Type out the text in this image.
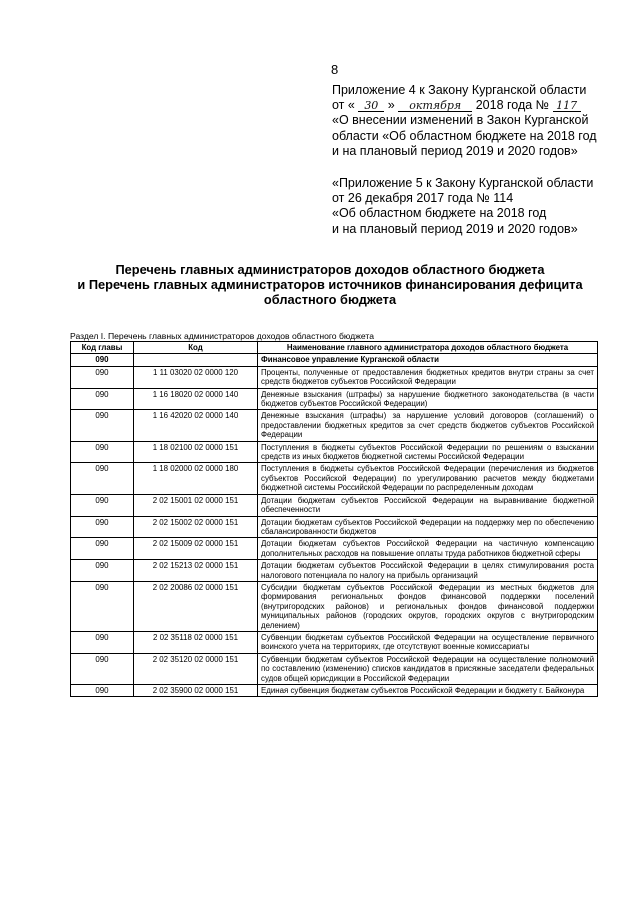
8
Приложение 4 к Закону Курганской области
от « 30 » октября 2018 года № 117
«О внесении изменений в Закон Курганской
области «Об областном бюджете на 2018 год
и на плановый период 2019 и 2020 годов»
«Приложение 5 к Закону Курганской области
от 26 декабря 2017 года № 114
«Об областном бюджете на 2018 год
и на плановый период 2019 и 2020 годов»
Перечень главных администраторов доходов областного бюджета
и Перечень главных администраторов источников финансирования дефицита
областного бюджета
Раздел I. Перечень главных администраторов доходов областного бюджета
Код главы	Код	Наименование главного администратора доходов областного бюджета
090		Финансовое управление Курганской области
090	1 11 03020 02 0000 120	Проценты, полученные от предоставления бюджетных кредитов внутри страны за счет средств бюджетов субъектов Российской Федерации
090	1 16 18020 02 0000 140	Денежные взыскания (штрафы) за нарушение бюджетного законодательства (в части бюджетов субъектов Российской Федерации)
090	1 16 42020 02 0000 140	Денежные взыскания (штрафы) за нарушение условий договоров (соглашений) о предоставлении бюджетных кредитов за счет средств бюджетов субъектов Российской Федерации
090	1 18 02100 02 0000 151	Поступления в бюджеты субъектов Российской Федерации по решениям о взыскании средств из иных бюджетов бюджетной системы Российской Федерации
090	1 18 02000 02 0000 180	Поступления в бюджеты субъектов Российской Федерации (перечисления из бюджетов субъектов Российской Федерации) по урегулированию расчетов между бюджетами бюджетной системы Российской Федерации по распределенным доходам
090	2 02 15001 02 0000 151	Дотации бюджетам субъектов Российской Федерации на выравнивание бюджетной обеспеченности
090	2 02 15002 02 0000 151	Дотации бюджетам субъектов Российской Федерации на поддержку мер по обеспечению сбалансированности бюджетов
090	2 02 15009 02 0000 151	Дотации бюджетам субъектов Российской Федерации на частичную компенсацию дополнительных расходов на повышение оплаты труда работников бюджетной сферы
090	2 02 15213 02 0000 151	Дотации бюджетам субъектов Российской Федерации в целях стимулирования роста налогового потенциала по налогу на прибыль организаций
090	2 02 20086 02 0000 151	Субсидии бюджетам субъектов Российской Федерации из местных бюджетов для формирования региональных фондов финансовой поддержки поселений (внутригородских районов) и региональных фондов финансовой поддержки муниципальных районов (городских округов, городских округов с внутригородским делением)
090	2 02 35118 02 0000 151	Субвенции бюджетам субъектов Российской Федерации на осуществление первичного воинского учета на территориях, где отсутствуют военные комиссариаты
090	2 02 35120 02 0000 151	Субвенции бюджетам субъектов Российской Федерации на осуществление полномочий по составлению (изменению) списков кандидатов в присяжные заседатели федеральных судов общей юрисдикции в Российской Федерации
090	2 02 35900 02 0000 151	Единая субвенция бюджетам субъектов Российской Федерации и бюджету г. Байконура
